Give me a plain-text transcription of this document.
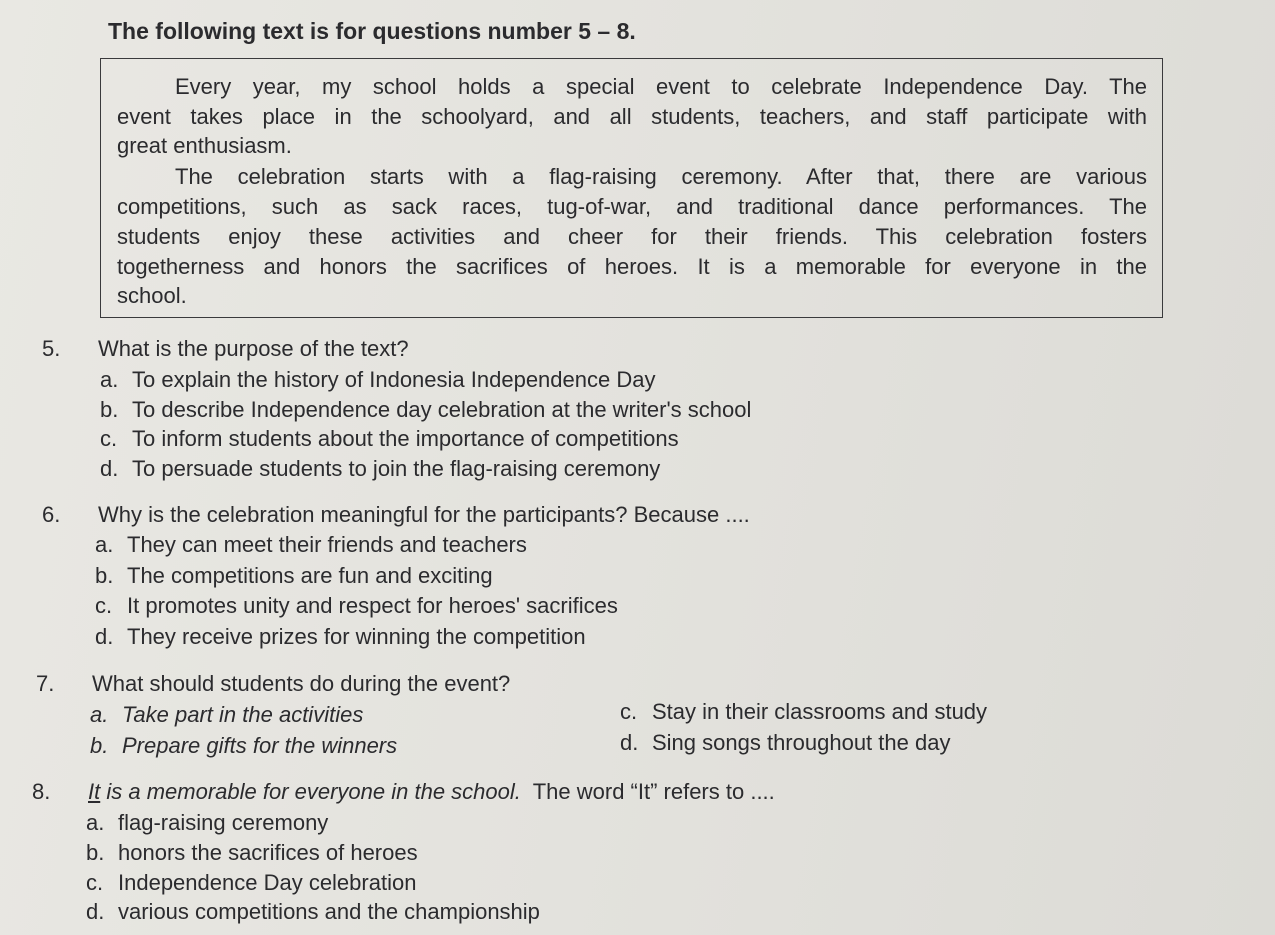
The following text is for questions number 5 – 8.
Every year, my school holds a special event to celebrate Independence Day. The
event takes place in the schoolyard, and all students, teachers, and staff participate with
great enthusiasm.
The celebration starts with a flag-raising ceremony. After that, there are various
competitions, such as sack races, tug-of-war, and traditional dance performances. The
students enjoy these activities and cheer for their friends. This celebration fosters
togetherness and honors the sacrifices of heroes. It is a memorable for everyone in the
school.
5. What is the purpose of the text?
a. To explain the history of Indonesia Independence Day
b. To describe Independence day celebration at the writer's school
c. To inform students about the importance of competitions
d. To persuade students to join the flag-raising ceremony
6. Why is the celebration meaningful for the participants? Because ....
a. They can meet their friends and teachers
b. The competitions are fun and exciting
c. It promotes unity and respect for heroes' sacrifices
d. They receive prizes for winning the competition
7. What should students do during the event?
a. Take part in the activities
b. Prepare gifts for the winners
c. Stay in their classrooms and study
d. Sing songs throughout the day
8. It is a memorable for everyone in the school.  The word “It” refers to ....
a. flag-raising ceremony
b. honors the sacrifices of heroes
c. Independence Day celebration
d. various competitions and the championship
